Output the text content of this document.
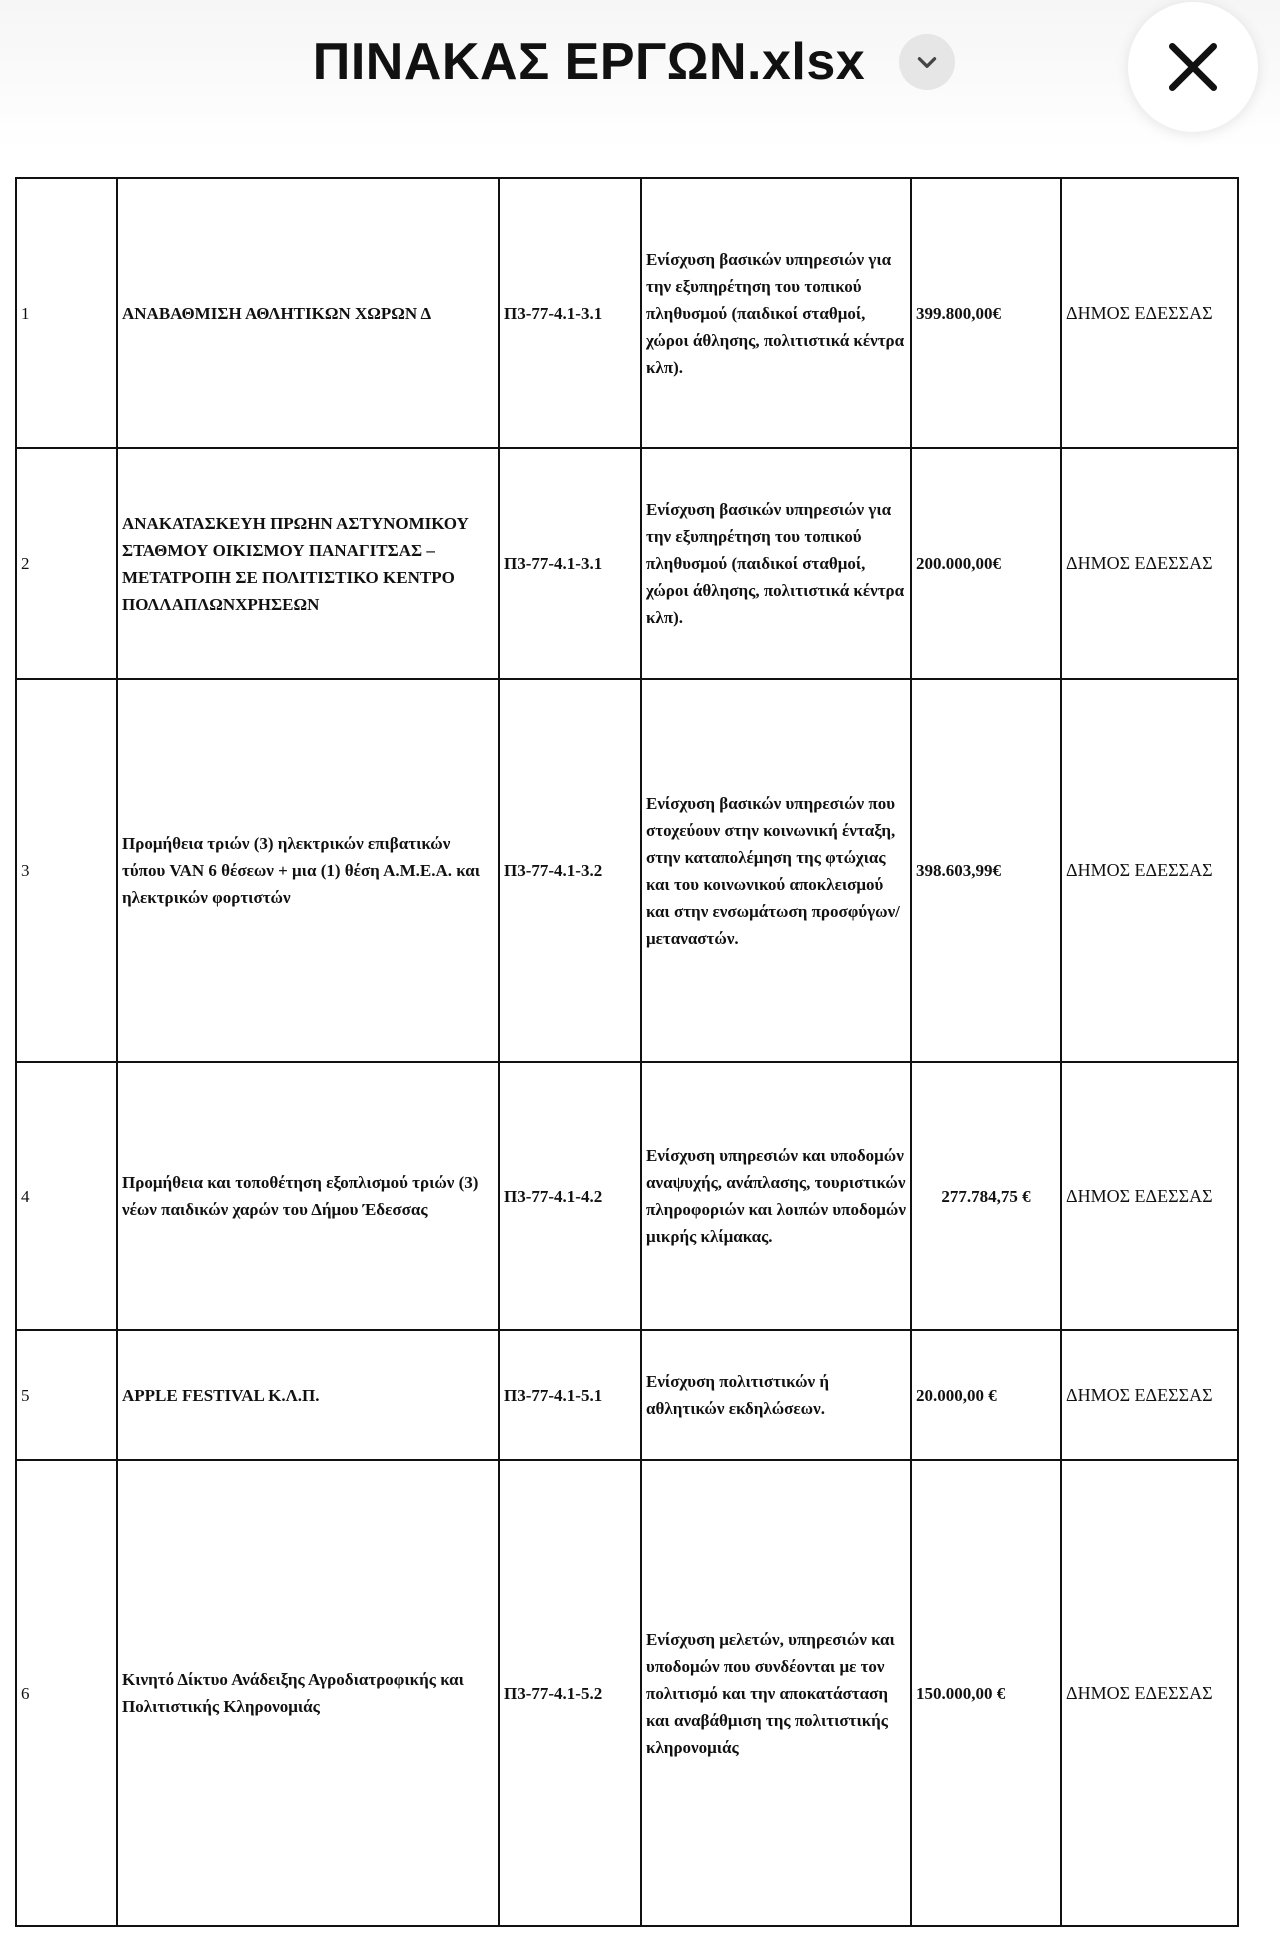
ΠΙΝΑΚΑΣ ΕΡΓΩΝ.xlsx
1	ΑΝΑΒΑΘΜΙΣΗ ΑΘΛΗΤΙΚΩΝ ΧΩΡΩΝ Δ	Π3-77-4.1-3.1	Ενίσχυση βασικών υπηρεσιών για την εξυπηρέτηση του τοπικού πληθυσμού (παιδικοί σταθμοί, χώροι άθλησης, πολιτιστικά κέντρα κλπ).	399.800,00€	ΔΗΜΟΣ ΕΔΕΣΣΑΣ
2	ΑΝΑΚΑΤΑΣΚΕΥΗ ΠΡΩΗΝ ΑΣΤΥΝΟΜΙΚΟΥ ΣΤΑΘΜΟΥ ΟΙΚΙΣΜΟΥ ΠΑΝΑΓΙΤΣΑΣ – ΜΕΤΑΤΡΟΠΗ ΣΕ ΠΟΛΙΤΙΣΤΙΚΟ ΚΕΝΤΡΟ ΠΟΛΛΑΠΛΩΝΧΡΗΣΕΩΝ	Π3-77-4.1-3.1	Ενίσχυση βασικών υπηρεσιών για την εξυπηρέτηση του τοπικού πληθυσμού (παιδικοί σταθμοί, χώροι άθλησης, πολιτιστικά κέντρα κλπ).	200.000,00€	ΔΗΜΟΣ ΕΔΕΣΣΑΣ
3	Προμήθεια τριών (3) ηλεκτρικών επιβατικών τύπου VAN 6 θέσεων + μια (1) θέση Α.Μ.Ε.Α. και ηλεκτρικών φορτιστών	Π3-77-4.1-3.2	Ενίσχυση βασικών υπηρεσιών που στοχεύουν στην κοινωνική ένταξη, στην καταπολέμηση της φτώχιας και του κοινωνικού αποκλεισμού και στην ενσωμάτωση προσφύγων/ μεταναστών.	398.603,99€	ΔΗΜΟΣ ΕΔΕΣΣΑΣ
4	Προμήθεια και τοποθέτηση εξοπλισμού τριών (3) νέων παιδικών χαρών του Δήμου Έδεσσας	Π3-77-4.1-4.2	Ενίσχυση υπηρεσιών και υποδομών αναψυχής, ανάπλασης, τουριστικών πληροφοριών και λοιπών υποδομών μικρής κλίμακας.	277.784,75 €	ΔΗΜΟΣ ΕΔΕΣΣΑΣ
5	APPLE FESTIVAL Κ.Λ.Π.	Π3-77-4.1-5.1	Ενίσχυση πολιτιστικών ή αθλητικών εκδηλώσεων.	20.000,00 €	ΔΗΜΟΣ ΕΔΕΣΣΑΣ
6	Κινητό Δίκτυο Ανάδειξης Αγροδιατροφικής και Πολιτιστικής Κληρονομιάς	Π3-77-4.1-5.2	Ενίσχυση μελετών, υπηρεσιών και υποδομών που συνδέονται με τον πολιτισμό και την αποκατάσταση και αναβάθμιση της πολιτιστικής κληρονομιάς	150.000,00 €	ΔΗΜΟΣ ΕΔΕΣΣΑΣ
